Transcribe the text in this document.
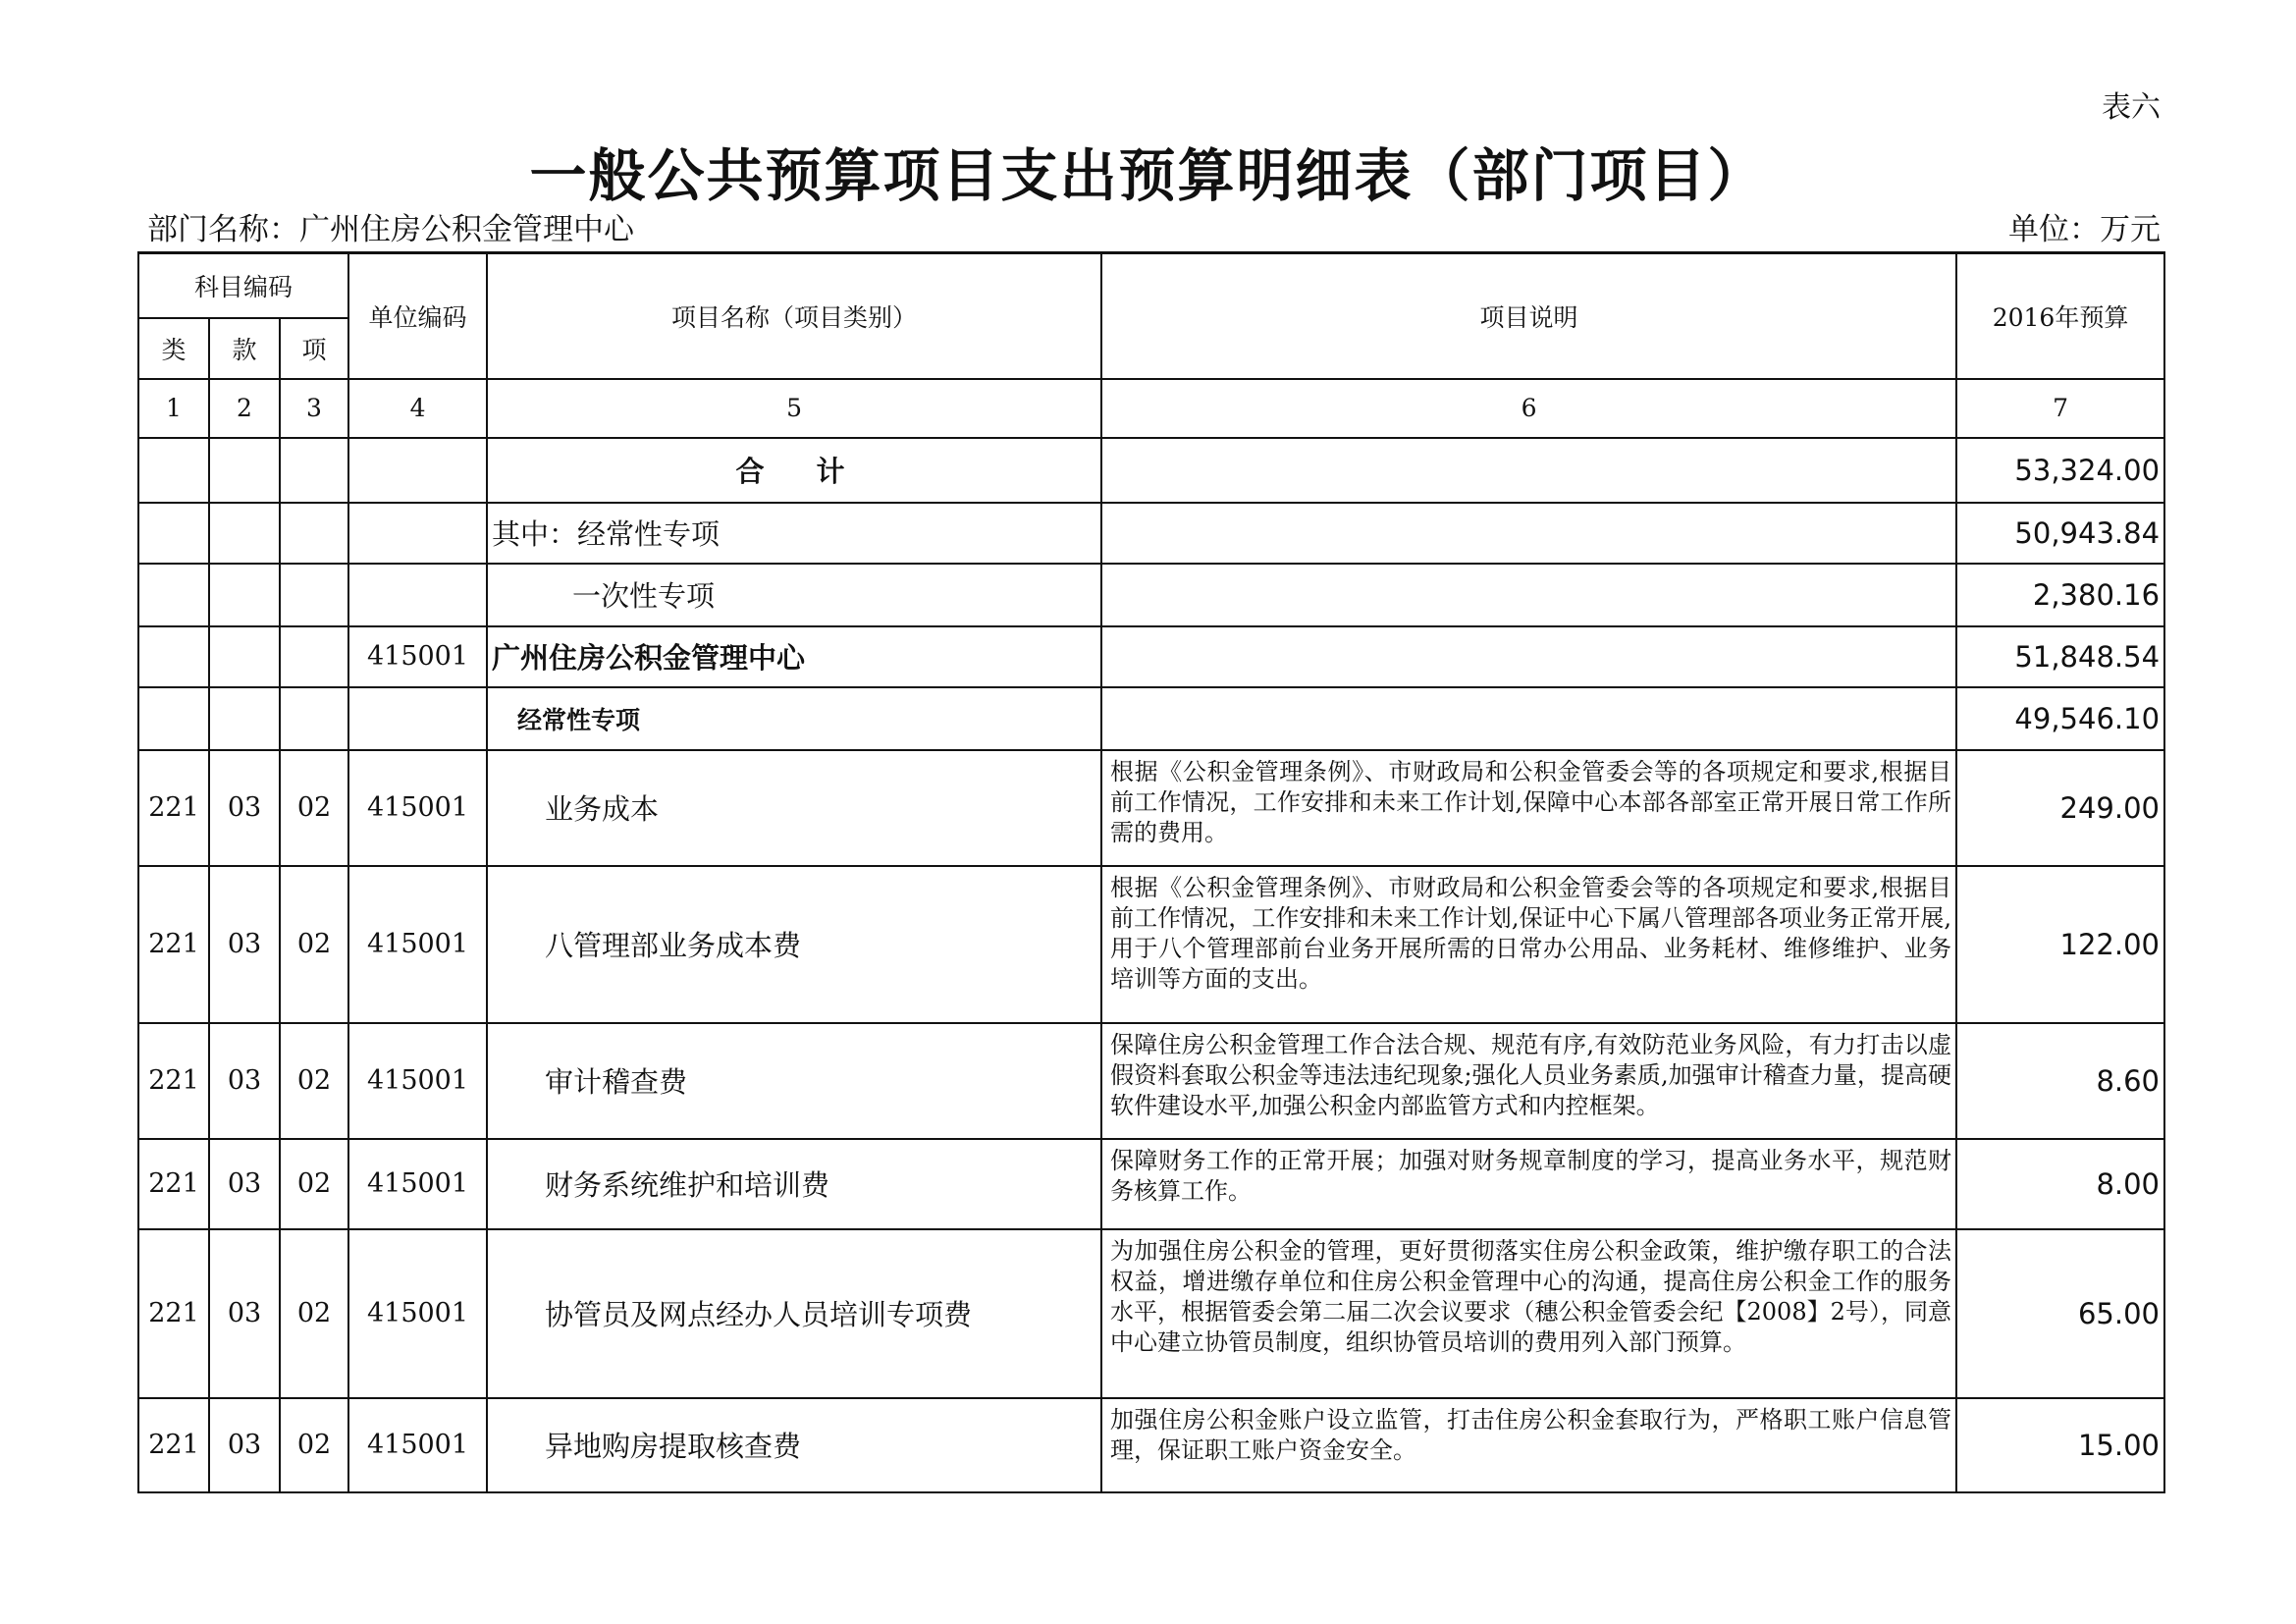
表六
一般公共预算项目支出预算明细表（部门项目）
部门名称：广州住房公积金管理中心	单位：万元
科目编码			单位编码	项目名称（项目类别）	项目说明	2016年预算
类	款	项				
1	2	3	4	5	6	7
				合　计		53,324.00
				其中：经常性专项		50,943.84
				一次性专项		2,380.16
			415001	广州住房公积金管理中心		51,848.54
				经常性专项		49,546.10
221	03	02	415001	业务成本	根据《公积金管理条例》、市财政局和公积金管委会等的各项规定和要求,根据目前工作情况，工作安排和未来工作计划,保障中心本部各部室正常开展日常工作所需的费用。	249.00
221	03	02	415001	八管理部业务成本费	根据《公积金管理条例》、市财政局和公积金管委会等的各项规定和要求,根据目前工作情况，工作安排和未来工作计划,保证中心下属八管理部各项业务正常开展,用于八个管理部前台业务开展所需的日常办公用品、业务耗材、维修维护、业务培训等方面的支出。	122.00
221	03	02	415001	审计稽查费	保障住房公积金管理工作合法合规、规范有序,有效防范业务风险，有力打击以虚假资料套取公积金等违法违纪现象;强化人员业务素质,加强审计稽查力量，提高硬软件建设水平,加强公积金内部监管方式和内控框架。	8.60
221	03	02	415001	财务系统维护和培训费	保障财务工作的正常开展；加强对财务规章制度的学习，提高业务水平，规范财务核算工作。	8.00
221	03	02	415001	协管员及网点经办人员培训专项费	为加强住房公积金的管理，更好贯彻落实住房公积金政策，维护缴存职工的合法权益，增进缴存单位和住房公积金管理中心的沟通，提高住房公积金工作的服务水平，根据管委会第二届二次会议要求（穗公积金管委会纪【2008】2号），同意中心建立协管员制度，组织协管员培训的费用列入部门预算。	65.00
221	03	02	415001	异地购房提取核查费	加强住房公积金账户设立监管，打击住房公积金套取行为，严格职工账户信息管理，保证职工账户资金安全。	15.00
